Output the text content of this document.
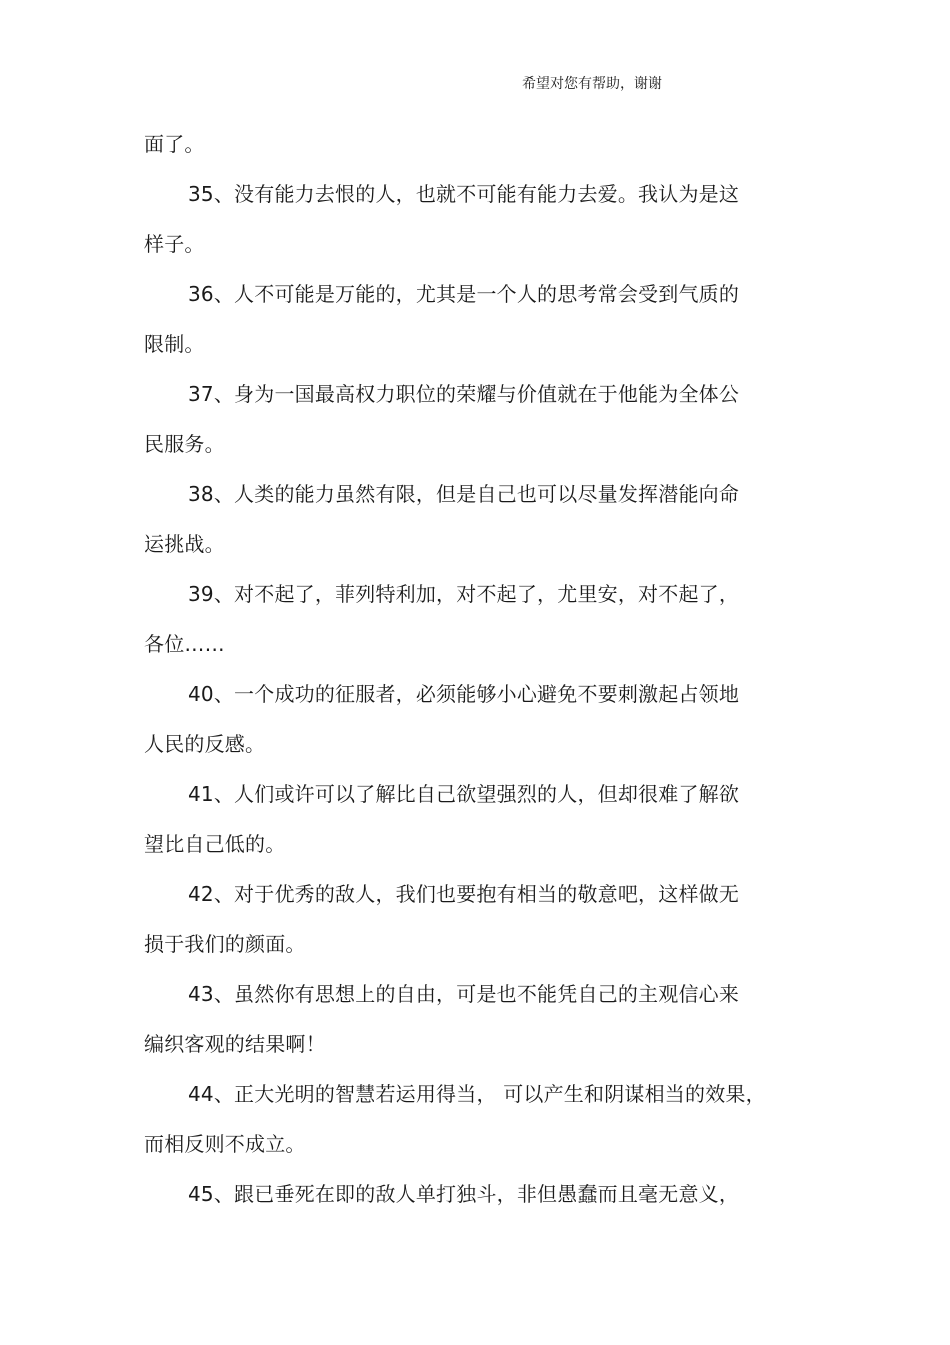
希望对您有帮助，谢谢
面了。
35、没有能力去恨的人，也就不可能有能力去爱。我认为是这
样子。
36、人不可能是万能的，尤其是一个人的思考常会受到气质的
限制。
37、身为一国最高权力职位的荣耀与价值就在于他能为全体公
民服务。
38、人类的能力虽然有限，但是自己也可以尽量发挥潜能向命
运挑战。
39、对不起了，菲列特利加，对不起了，尤里安，对不起了，
各位……
40、一个成功的征服者，必须能够小心避免不要刺激起占领地
人民的反感。
41、人们或许可以了解比自己欲望强烈的人，但却很难了解欲
望比自己低的。
42、对于优秀的敌人，我们也要抱有相当的敬意吧，这样做无
损于我们的颜面。
43、虽然你有思想上的自由，可是也不能凭自己的主观信心来
编织客观的结果啊！
44、正大光明的智慧若运用得当， 可以产生和阴谋相当的效果，
而相反则不成立。
45、跟已垂死在即的敌人单打独斗，非但愚蠢而且毫无意义，
